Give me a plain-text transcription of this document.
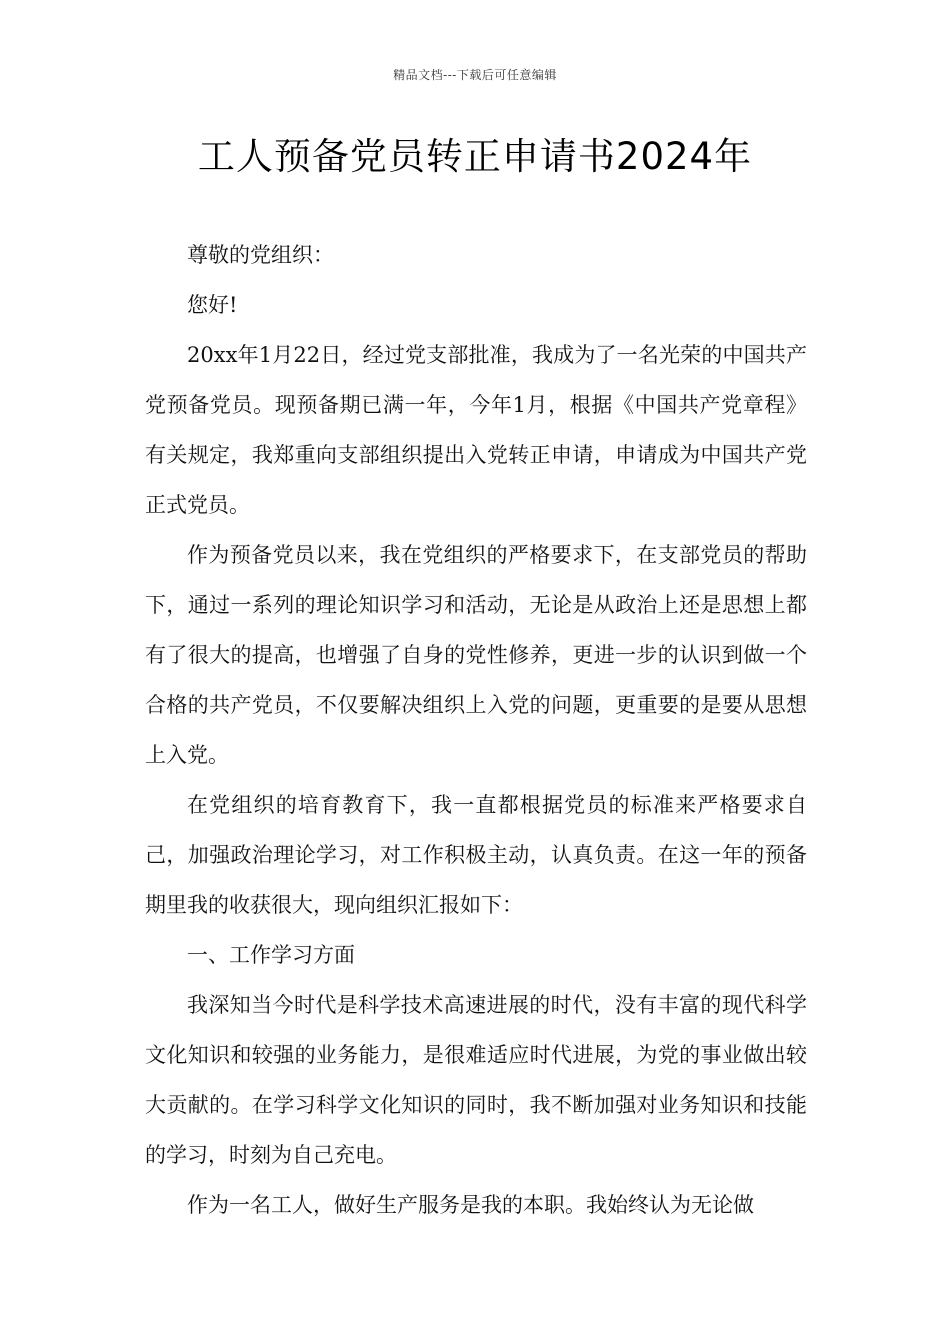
精品文档---下载后可任意编辑
工人预备党员转正申请书2024年

尊敬的党组织：

您好!

20xx年1月22日，经过党支部批准，我成为了一名光荣的中国共产党预备党员。现预备期已满一年，今年1月，根据《中国共产党章程》有关规定，我郑重向支部组织提出入党转正申请，申请成为中国共产党正式党员。

作为预备党员以来，我在党组织的严格要求下，在支部党员的帮助下，通过一系列的理论知识学习和活动，无论是从政治上还是思想上都有了很大的提高，也增强了自身的党性修养，更进一步的认识到做一个合格的共产党员，不仅要解决组织上入党的问题，更重要的是要从思想上入党。

在党组织的培育教育下，我一直都根据党员的标准来严格要求自己，加强政治理论学习，对工作积极主动，认真负责。在这一年的预备期里我的收获很大，现向组织汇报如下：

一、工作学习方面

我深知当今时代是科学技术高速进展的时代，没有丰富的现代科学文化知识和较强的业务能力，是很难适应时代进展，为党的事业做出较大贡献的。在学习科学文化知识的同时，我不断加强对业务知识和技能的学习，时刻为自己充电。

作为一名工人，做好生产服务是我的本职。我始终认为无论做
